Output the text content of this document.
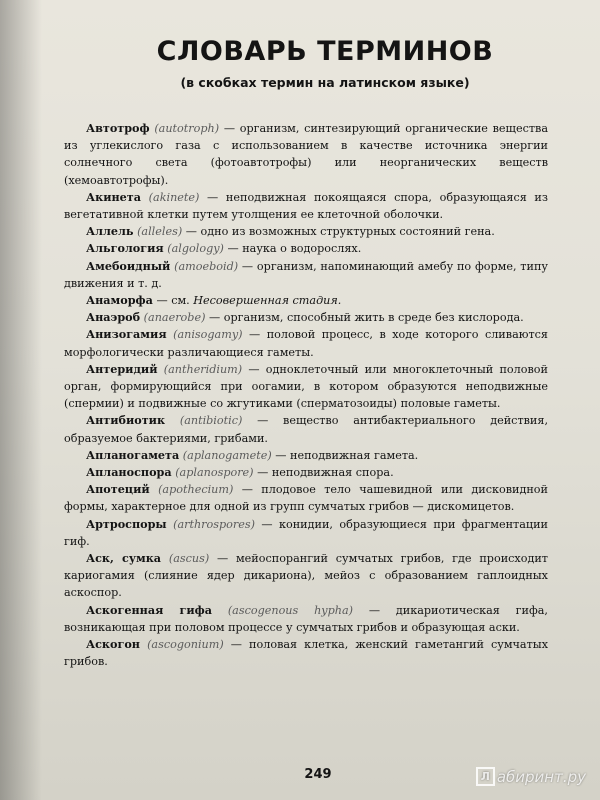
СЛОВАРЬ ТЕРМИНОВ
(в скобках термин на латинском языке)

Автотроф (autotroph) — организм, синтезирующий органические вещества из углекислого газа с использованием в качестве источника энергии солнечного света (фотоавтотрофы) или неорганических веществ (хемоавтотрофы).

Акинета (akinete) — неподвижная покоящаяся спора, образующаяся из вегетативной клетки путем утолщения ее клеточной оболочки.

Аллель (alleles) — одно из возможных структурных состояний гена.

Альгология (algology) — наука о водорослях.

Амебоидный (amoeboid) — организм, напоминающий амебу по форме, типу движения и т. д.

Анаморфа — см. Несовершенная стадия.

Анаэроб (anaerobe) — организм, способный жить в среде без кислорода.

Анизогамия (anisogamy) — половой процесс, в ходе которого сливаются морфологически различающиеся гаметы.

Антеридий (antheridium) — одноклеточный или многоклеточный половой орган, формирующийся при оогамии, в котором образуются неподвижные (спермии) и подвижные со жгутиками (сперматозоиды) половые гаметы.

Антибиотик (antibiotic) — вещество антибактериального действия, образуемое бактериями, грибами.

Апланогамета (aplanogamete) — неподвижная гамета.

Апланоспора (aplanospore) — неподвижная спора.

Апотеций (apothecium) — плодовое тело чашевидной или дисковидной формы, характерное для одной из групп сумчатых грибов — дискомицетов.

Артроспоры (arthrospores) — конидии, образующиеся при фрагментации гиф.

Аск, сумка (ascus) — мейоспорангий сумчатых грибов, где происходит кариогамия (слияние ядер дикариона), мейоз с образованием гаплоидных аскоспор.

Аскогенная гифа (ascogenous hypha) — дикариотическая гифа, возникающая при половом процессе у сумчатых грибов и образующая аски.

Аскогон (ascogonium) — половая клетка, женский гаметангий сумчатых грибов.

249	Л абиринт.ру
